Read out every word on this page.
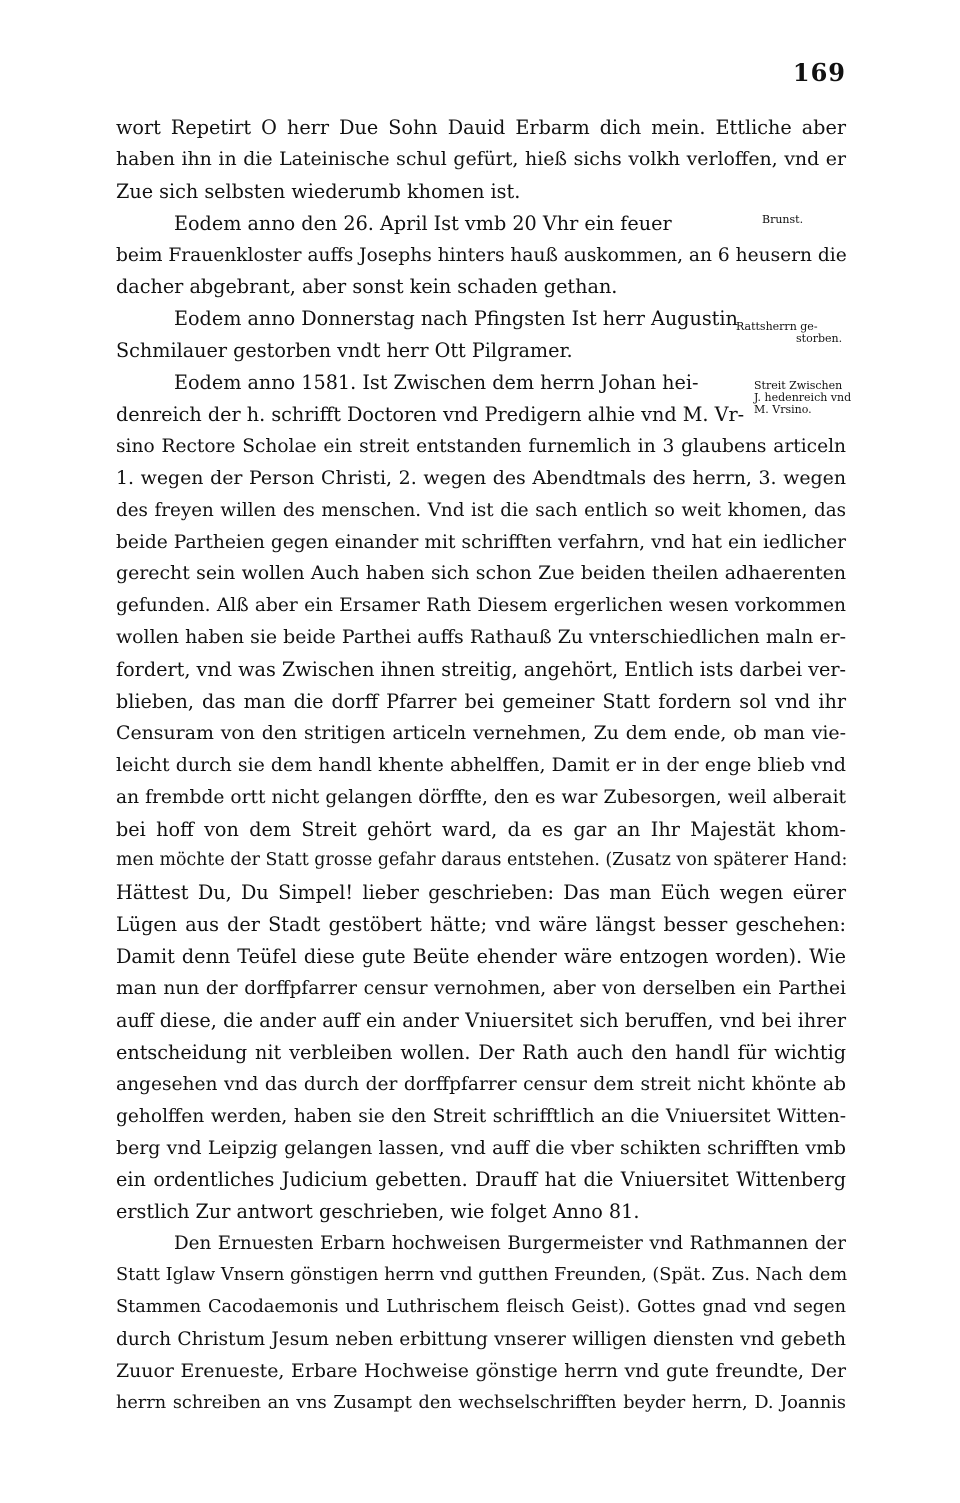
169
wort Repetirt O herr Due Sohn Dauid Erbarm dich mein. Ettliche aber
haben ihn in die Lateinische schul gefürt, hieß sichs volkh verloffen, vnd er
Zue sich selbsten wiederumb khomen ist.
Eodem anno den 26. April Ist vmb 20 Vhr ein feuer
beim Frauenkloster auffs Josephs hinters hauß auskommen, an 6 heusern die
dacher abgebrant, aber sonst kein schaden gethan.
Eodem anno Donnerstag nach Pfingsten Ist herr Augustin
Schmilauer gestorben vndt herr Ott Pilgramer.
Eodem anno 1581. Ist Zwischen dem herrn Johan hei-
denreich der h. schrifft Doctoren vnd Predigern alhie vnd M. Vr-
sino Rectore Scholae ein streit entstanden furnemlich in 3 glaubens articeln
1. wegen der Person Christi, 2. wegen des Abendtmals des herrn, 3. wegen
des freyen willen des menschen. Vnd ist die sach entlich so weit khomen, das
beide Partheien gegen einander mit schrifften verfahrn, vnd hat ein iedlicher
gerecht sein wollen Auch haben sich schon Zue beiden theilen adhaerenten
gefunden. Alß aber ein Ersamer Rath Diesem ergerlichen wesen vorkommen
wollen haben sie beide Parthei auffs Rathauß Zu vnterschiedlichen maln er-
fordert, vnd was Zwischen ihnen streitig, angehört, Entlich ists darbei ver-
blieben, das man die dorff Pfarrer bei gemeiner Statt fordern sol vnd ihr
Censuram von den stritigen articeln vernehmen, Zu dem ende, ob man vie-
leicht durch sie dem handl khente abhelffen, Damit er in der enge blieb vnd
an frembde ortt nicht gelangen dörffte, den es war Zubesorgen, weil alberait
bei hoff von dem Streit gehört ward, da es gar an Ihr Majestät khom-
men möchte der Statt grosse gefahr daraus entstehen. (Zusatz von späterer Hand:
Hättest Du, Du Simpel! lieber geschrieben: Das man Eüch wegen eürer
Lügen aus der Stadt gestöbert hätte; vnd wäre längst besser geschehen:
Damit denn Teüfel diese gute Beüte ehender wäre entzogen worden). Wie
man nun der dorffpfarrer censur vernohmen, aber von derselben ein Parthei
auff diese, die ander auff ein ander Vniuersitet sich beruffen, vnd bei ihrer
entscheidung nit verbleiben wollen. Der Rath auch den handl für wichtig
angesehen vnd das durch der dorffpfarrer censur dem streit nicht khönte ab
geholffen werden, haben sie den Streit schrifftlich an die Vniuersitet Witten-
berg vnd Leipzig gelangen lassen, vnd auff die vber schikten schrifften vmb
ein ordentliches Judicium gebetten. Drauff hat die Vniuersitet Wittenberg
erstlich Zur antwort geschrieben, wie folget Anno 81.
Den Ernuesten Erbarn hochweisen Burgermeister vnd Rathmannen der
Statt Iglaw Vnsern gönstigen herrn vnd gutthen Freunden, (Spät. Zus. Nach dem
Stammen Cacodaemonis und Luthrischem fleisch Geist). Gottes gnad vnd segen
durch Christum Jesum neben erbittung vnserer willigen diensten vnd gebeth
Zuuor Erenueste, Erbare Hochweise gönstige herrn vnd gute freundte, Der
herrn schreiben an vns Zusampt den wechselschrifften beyder herrn, D. Joannis
Brunst.
Rattsherrn ge-
storben.
Streit Zwischen
J. hedenreich vnd
M. Vrsino.
